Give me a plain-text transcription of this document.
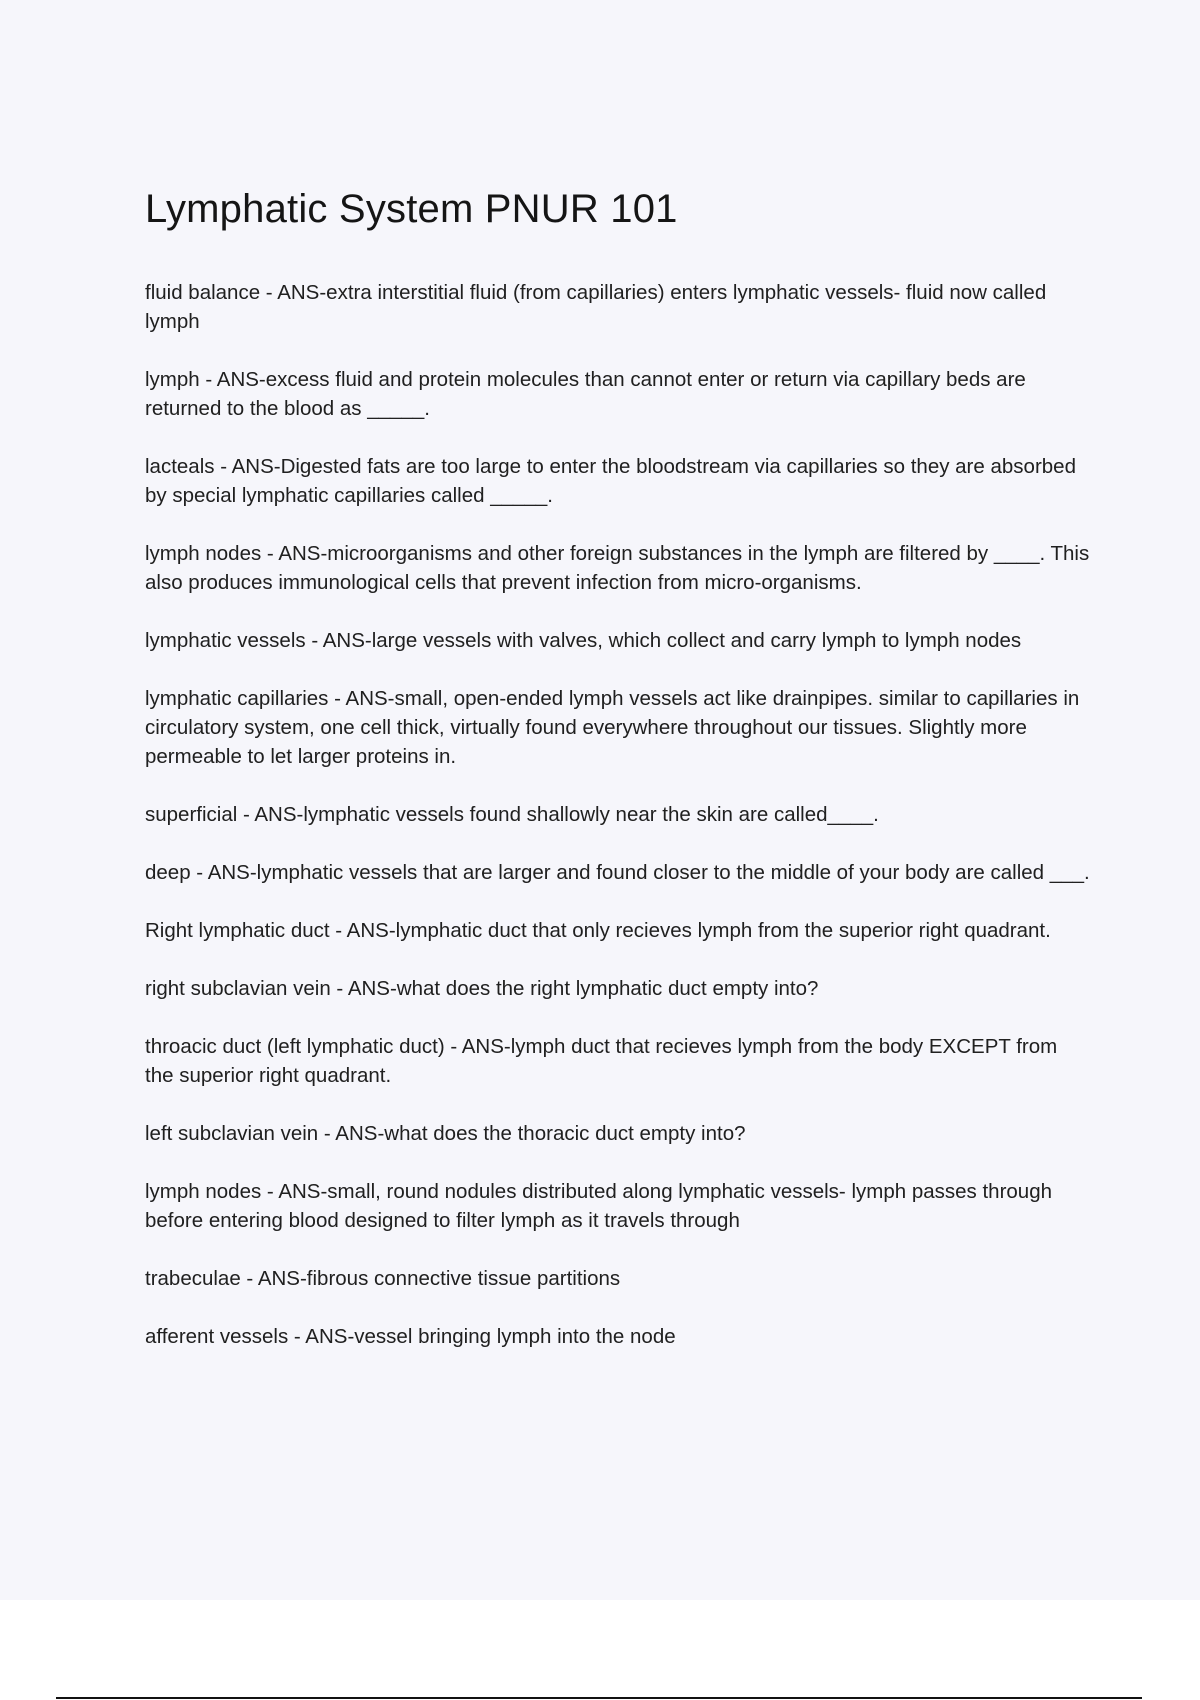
Lymphatic System PNUR 101
fluid balance - ANS-extra interstitial fluid (from capillaries) enters lymphatic vessels- fluid now called lymph
lymph - ANS-excess fluid and protein molecules than cannot enter or return via capillary beds are returned to the blood as _____.
lacteals - ANS-Digested fats are too large to enter the bloodstream via capillaries so they are absorbed by special lymphatic capillaries called _____.
lymph nodes - ANS-microorganisms and other foreign substances in the lymph are filtered by ____. This also produces immunological cells that prevent infection from micro-organisms.
lymphatic vessels - ANS-large vessels with valves, which collect and carry lymph to lymph nodes
lymphatic capillaries - ANS-small, open-ended lymph vessels act like drainpipes. similar to capillaries in circulatory system, one cell thick, virtually found everywhere throughout our tissues. Slightly more permeable to let larger proteins in.
superficial - ANS-lymphatic vessels found shallowly near the skin are called____.
deep - ANS-lymphatic vessels that are larger and found closer to the middle of your body are called ___.
Right lymphatic duct - ANS-lymphatic duct that only recieves lymph from the superior right quadrant.
right subclavian vein - ANS-what does the right lymphatic duct empty into?
throacic duct (left lymphatic duct) - ANS-lymph duct that recieves lymph from the body EXCEPT from the superior right quadrant.
left subclavian vein - ANS-what does the thoracic duct empty into?
lymph nodes - ANS-small, round nodules distributed along lymphatic vessels- lymph passes through before entering blood designed to filter lymph as it travels through
trabeculae - ANS-fibrous connective tissue partitions
afferent vessels - ANS-vessel bringing lymph into the node
